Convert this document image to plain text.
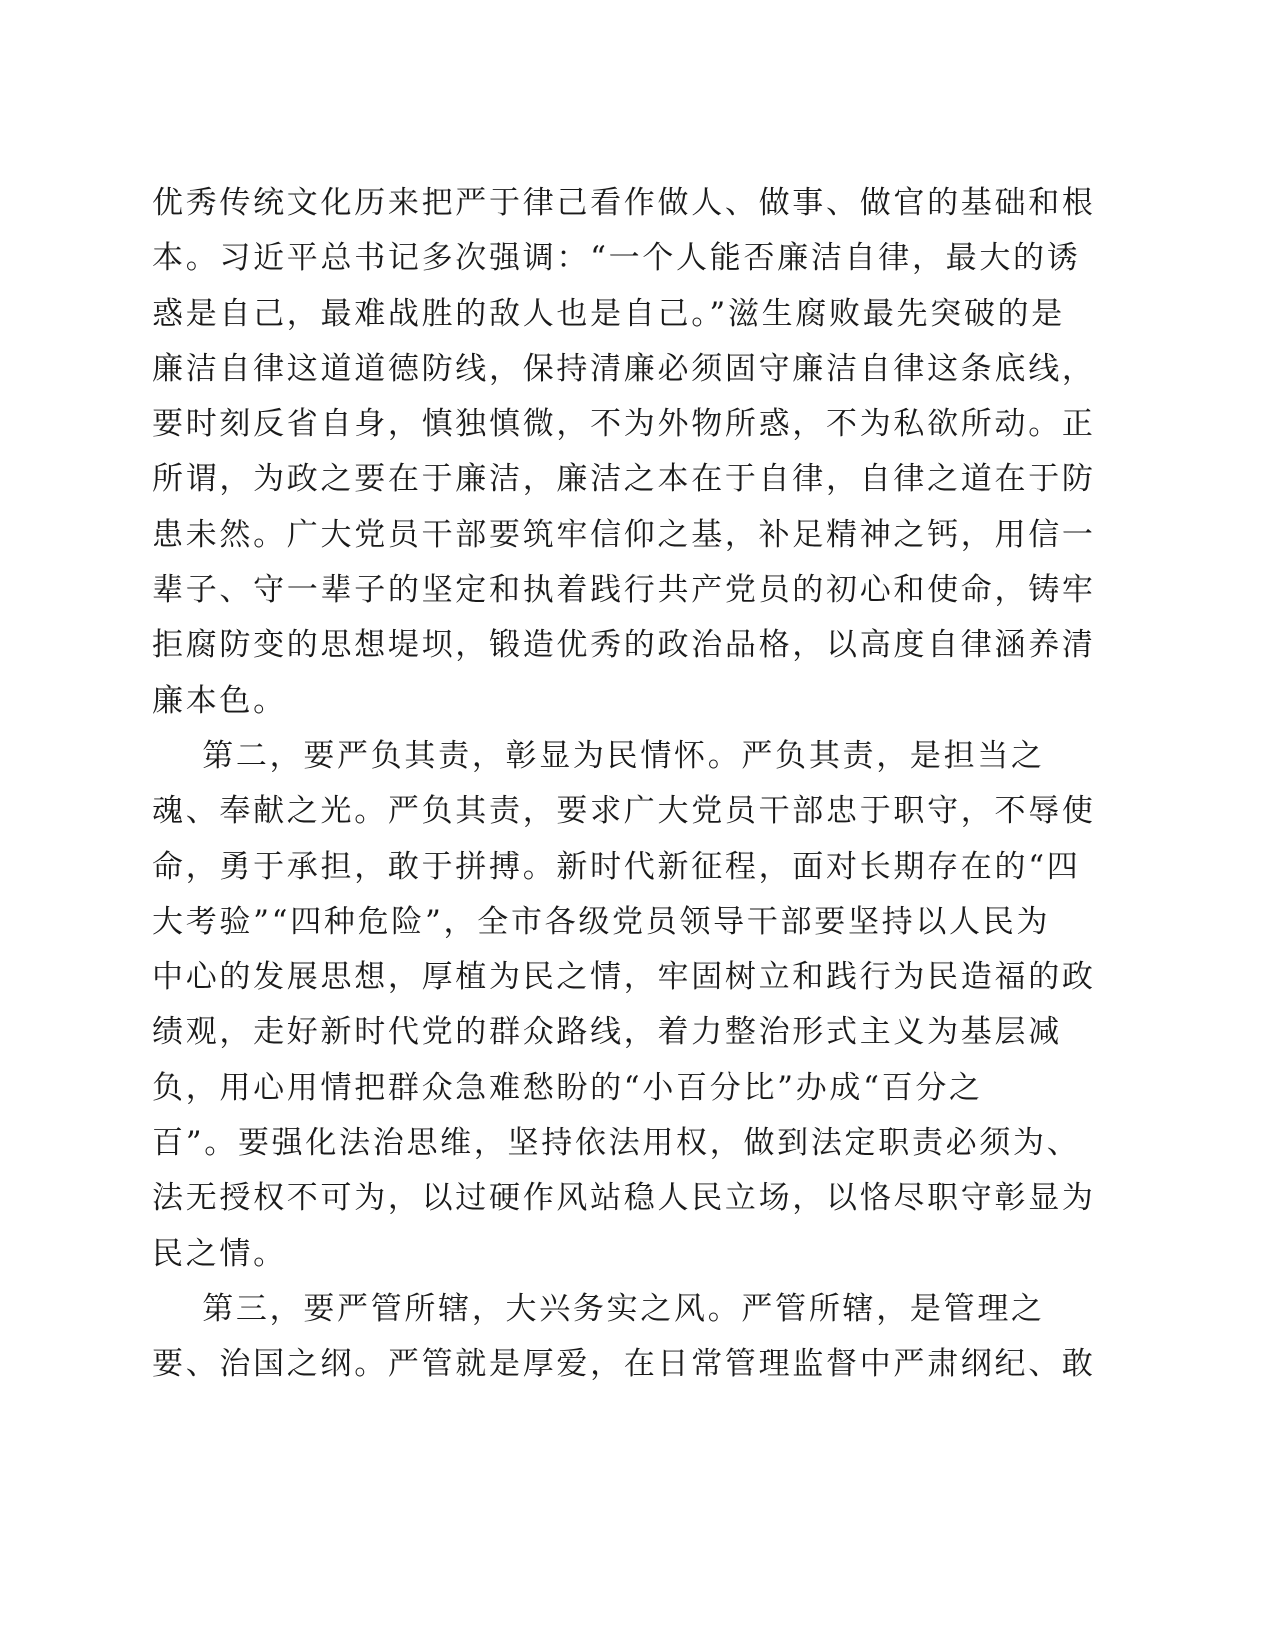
优秀传统文化历来把严于律己看作做人、做事、做官的基础和根
本。习近平总书记多次强调：“一个人能否廉洁自律，最大的诱
惑是自己，最难战胜的敌人也是自己。”滋生腐败最先突破的是
廉洁自律这道道德防线，保持清廉必须固守廉洁自律这条底线，
要时刻反省自身，慎独慎微，不为外物所惑，不为私欲所动。正
所谓，为政之要在于廉洁，廉洁之本在于自律，自律之道在于防
患未然。广大党员干部要筑牢信仰之基，补足精神之钙，用信一
辈子、守一辈子的坚定和执着践行共产党员的初心和使命，铸牢
拒腐防变的思想堤坝，锻造优秀的政治品格，以高度自律涵养清
廉本色。
第二，要严负其责，彰显为民情怀。严负其责，是担当之
魂、奉献之光。严负其责，要求广大党员干部忠于职守，不辱使
命，勇于承担，敢于拼搏。新时代新征程，面对长期存在的“四
大考验”“四种危险”，全市各级党员领导干部要坚持以人民为
中心的发展思想，厚植为民之情，牢固树立和践行为民造福的政
绩观，走好新时代党的群众路线，着力整治形式主义为基层减
负，用心用情把群众急难愁盼的“小百分比”办成“百分之
百”。要强化法治思维，坚持依法用权，做到法定职责必须为、
法无授权不可为，以过硬作风站稳人民立场，以恪尽职守彰显为
民之情。
第三，要严管所辖，大兴务实之风。严管所辖，是管理之
要、治国之纲。严管就是厚爱，在日常管理监督中严肃纲纪、敢
